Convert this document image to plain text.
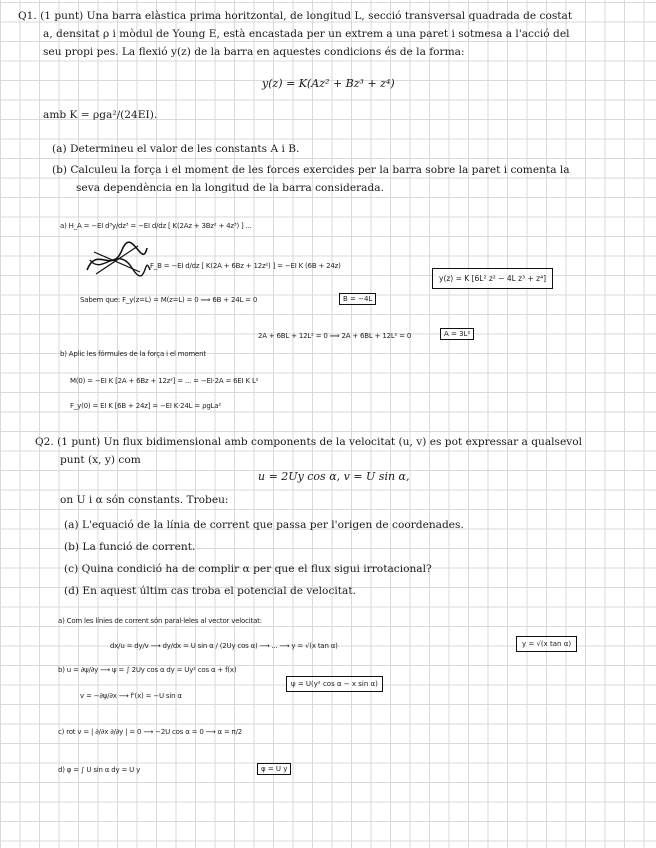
Q1. (1 punt) Una barra elàstica prima horitzontal, de longitud L, secció transversal quadrada de costat
a, densitat ρ i mòdul de Young E, està encastada per un extrem a una paret i sotmesa a l'acció del
seu propi pes. La flexió y(z) de la barra en aquestes condicions és de la forma:
y(z) = K(Az² + Bz³ + z⁴)
amb K = ρga²/(24EI).
(a) Determineu el valor de les constants A i B.
(b) Calculeu la força i el moment de les forces exercides per la barra sobre la paret i comenta la
seva dependència en la longitud de la barra considerada.
a) H_A = −EI d³y/dz³ = −EI d/dz [ K(2Az + 3Bz² + 4z³) ] ...
F_B = −EI d/dz [ K(2A + 6Bz + 12z²) ] = −EI K (6B + 24z)
y(z) = K [6L² z² − 4L z³ + z⁴]
Sabem que: F_y(z=L) = M(z=L) = 0 ⟹ 6B + 24L = 0	B = −4L
2A + 6BL + 12L² = 0 ⟹ 2A + 6BL + 12L² = 0	A = 3L²
b) Aplic les fórmules de la força i el moment
M(0) = −EI K [2A + 6Bz + 12z²] = ... = −EI·2A = 6EI K L²
F_y(0) = EI K [6B + 24z] = −EI K·24L = ρgLa²
Q2. (1 punt) Un flux bidimensional amb components de la velocitat (u, v) es pot expressar a qualsevol
punt (x, y) com
u = 2Uy cos α, v = U sin α,
on U i α són constants. Trobeu:
(a) L'equació de la línia de corrent que passa per l'origen de coordenades.
(b) La funció de corrent.
(c) Quina condició ha de complir α per que el flux sigui irrotacional?
(d) En aquest últim cas troba el potencial de velocitat.
a) Com les línies de corrent són paral·leles al vector velocitat:
dx/u = dy/v ⟶ dy/dx = U sin α / (2Uy cos α) ⟶ ... ⟶ y = √(x tan α)	y = √(x tan α)
b) u = ∂ψ/∂y ⟶ ψ = ∫ 2Uy cos α dy = Uy² cos α + f(x)
ψ = U(y² cos α − x sin α)
v = −∂ψ/∂x ⟶ f'(x) = −U sin α
c) rot v = | ∂/∂x ∂/∂y | = 0 ⟶ −2U cos α = 0 ⟶ α = π/2
d) φ = ∫ U sin α dy = U y	φ = U y
